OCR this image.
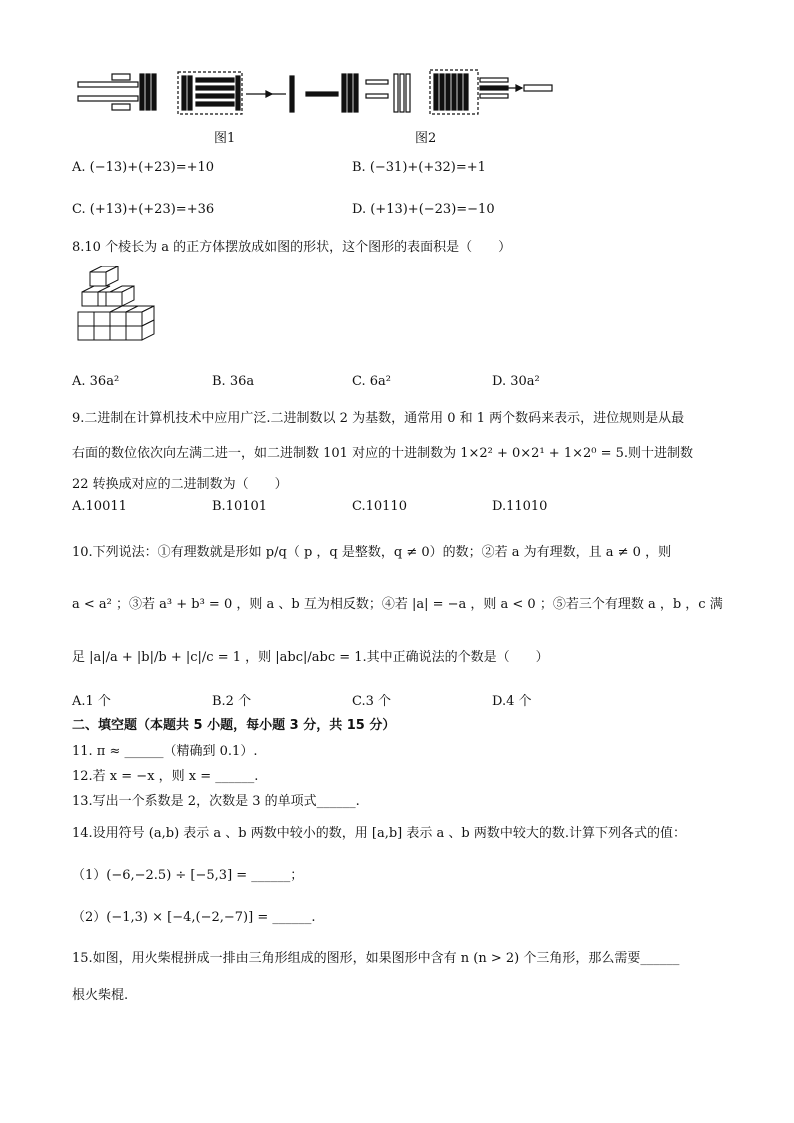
图1	图2
A. (−13)+(+23)=+10	B. (−31)+(+32)=+1
C. (+13)+(+23)=+36	D. (+13)+(−23)=−10
8.10 个棱长为 a 的正方体摆放成如图的形状，这个图形的表面积是（　　）
A. 36a²	B. 36a	C. 6a²	D. 30a²
9.二进制在计算机技术中应用广泛.二进制数以 2 为基数，通常用 0 和 1 两个数码来表示，进位规则是从最
右面的数位依次向左满二进一，如二进制数 101 对应的十进制数为 1×2² + 0×2¹ + 1×2⁰ = 5.则十进制数
22 转换成对应的二进制数为（　　）
A.10011	B.10101	C.10110	D.11010
10.下列说法：①有理数就是形如 p/q（ p ，q 是整数，q ≠ 0）的数；②若 a 为有理数，且 a ≠ 0 ，则
a < a² ；③若 a³ + b³ = 0 ，则 a 、b 互为相反数；④若 |a| = −a ，则 a < 0 ；⑤若三个有理数 a ，b ，c 满
足 |a|/a + |b|/b + |c|/c = 1 ，则 |abc|/abc = 1.其中正确说法的个数是（　　）
A.1 个	B.2 个	C.3 个	D.4 个
二、填空题（本题共 5 小题，每小题 3 分，共 15 分）
11. π ≈ ______（精确到 0.1）.
12.若 x = −x ，则 x = ______.
13.写出一个系数是 2，次数是 3 的单项式______.
14.设用符号 (a,b) 表示 a 、b 两数中较小的数，用 [a,b] 表示 a 、b 两数中较大的数.计算下列各式的值：
（1）(−6,−2.5) ÷ [−5,3] = ______；
（2）(−1,3) × [−4,(−2,−7)] = ______.
15.如图，用火柴棍拼成一排由三角形组成的图形，如果图形中含有 n (n > 2) 个三角形，那么需要______
根火柴棍.
